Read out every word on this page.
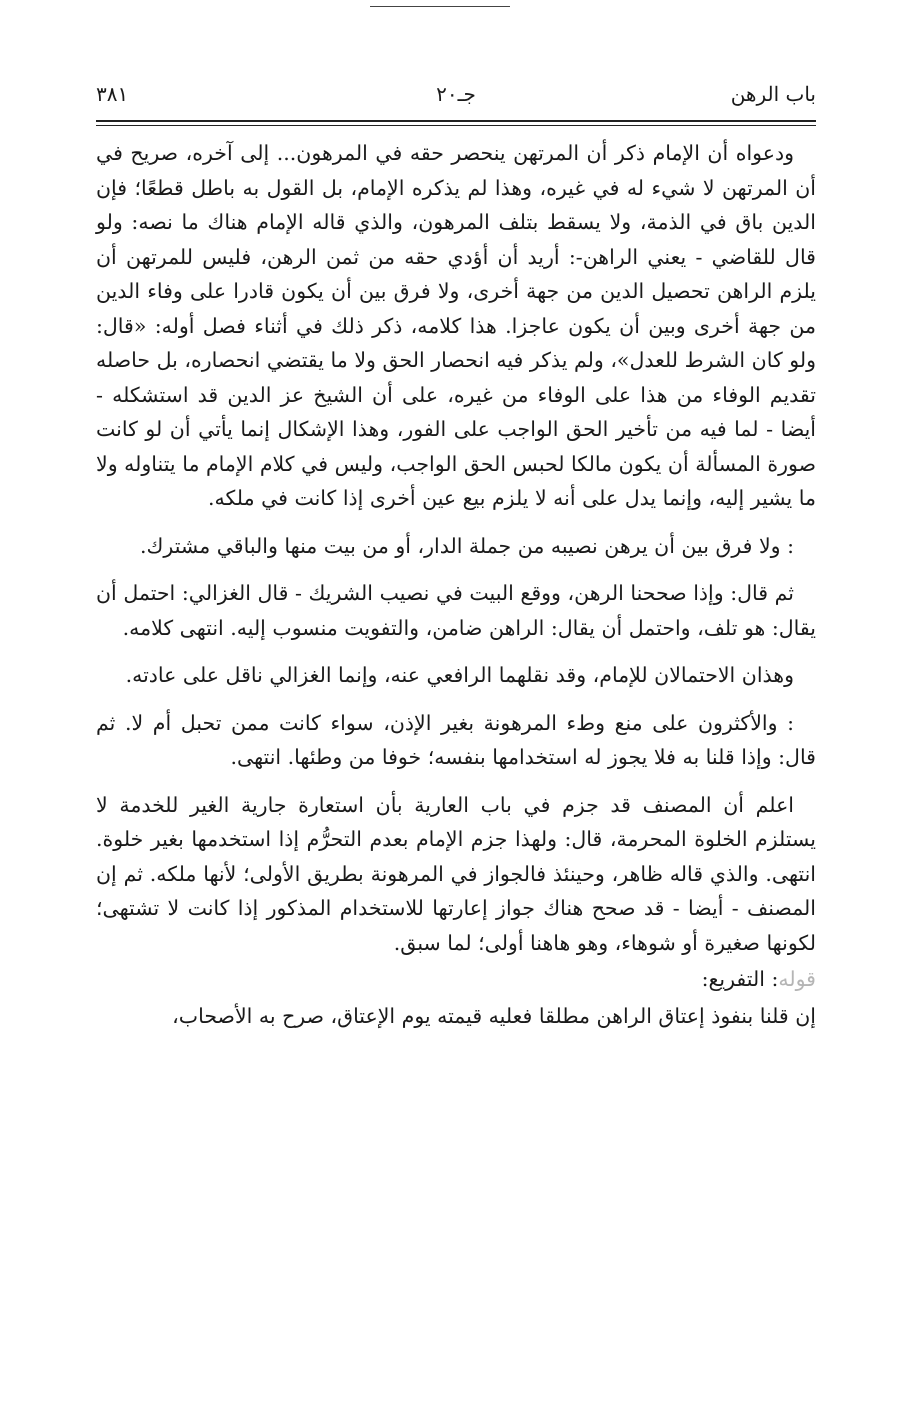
باب الرهن
جـ٢٠
٣٨١

ودعواه أن الإمام ذكر أن المرتهن ينحصر حقه في المرهون... إلى آخره، صريح في أن المرتهن لا شيء له في غيره، وهذا لم يذكره الإمام، بل القول به باطل قطعًا؛ فإن الدين باق في الذمة، ولا يسقط بتلف المرهون، والذي قاله الإمام هناك ما نصه: ولو قال للقاضي - يعني الراهن-: أريد أن أؤدي حقه من ثمن الرهن، فليس للمرتهن أن يلزم الراهن تحصيل الدين من جهة أخرى، ولا فرق بين أن يكون قادرا على وفاء الدين من جهة أخرى وبين أن يكون عاجزا. هذا كلامه، ذكر ذلك في أثناء فصل أوله: «قال: ولو كان الشرط للعدل»، ولم يذكر فيه انحصار الحق ولا ما يقتضي انحصاره، بل حاصله تقديم الوفاء من هذا على الوفاء من غيره، على أن الشيخ عز الدين قد استشكله - أيضا - لما فيه من تأخير الحق الواجب على الفور، وهذا الإشكال إنما يأتي أن لو كانت صورة المسألة أن يكون مالكا لحبس الحق الواجب، وليس في كلام الإمام ما يتناوله ولا ما يشير إليه، وإنما يدل على أنه لا يلزم بيع عين أخرى إذا كانت في ملكه.

: ولا فرق بين أن يرهن نصيبه من جملة الدار، أو من بيت منها والباقي مشترك.

ثم قال: وإذا صححنا الرهن، ووقع البيت في نصيب الشريك - قال الغزالي: احتمل أن يقال: هو تلف، واحتمل أن يقال: الراهن ضامن، والتفويت منسوب إليه. انتهى كلامه.

وهذان الاحتمالان للإمام، وقد نقلهما الرافعي عنه، وإنما الغزالي ناقل على عادته.

: والأكثرون على منع وطء المرهونة بغير الإذن، سواء كانت ممن تحبل أم لا. ثم قال: وإذا قلنا به فلا يجوز له استخدامها بنفسه؛ خوفا من وطئها. انتهى.

اعلم أن المصنف قد جزم في باب العارية بأن استعارة جارية الغير للخدمة لا يستلزم الخلوة المحرمة، قال: ولهذا جزم الإمام بعدم التحرُّم إذا استخدمها بغير خلوة. انتهى. والذي قاله ظاهر، وحينئذ فالجواز في المرهونة بطريق الأولى؛ لأنها ملكه. ثم إن المصنف - أيضا - قد صحح هناك جواز إعارتها للاستخدام المذكور إذا كانت لا تشتهى؛ لكونها صغيرة أو شوهاء، وهو هاهنا أولى؛ لما سبق.

قوله: التفريع:

إن قلنا بنفوذ إعتاق الراهن مطلقا فعليه قيمته يوم الإعتاق، صرح به الأصحاب،
